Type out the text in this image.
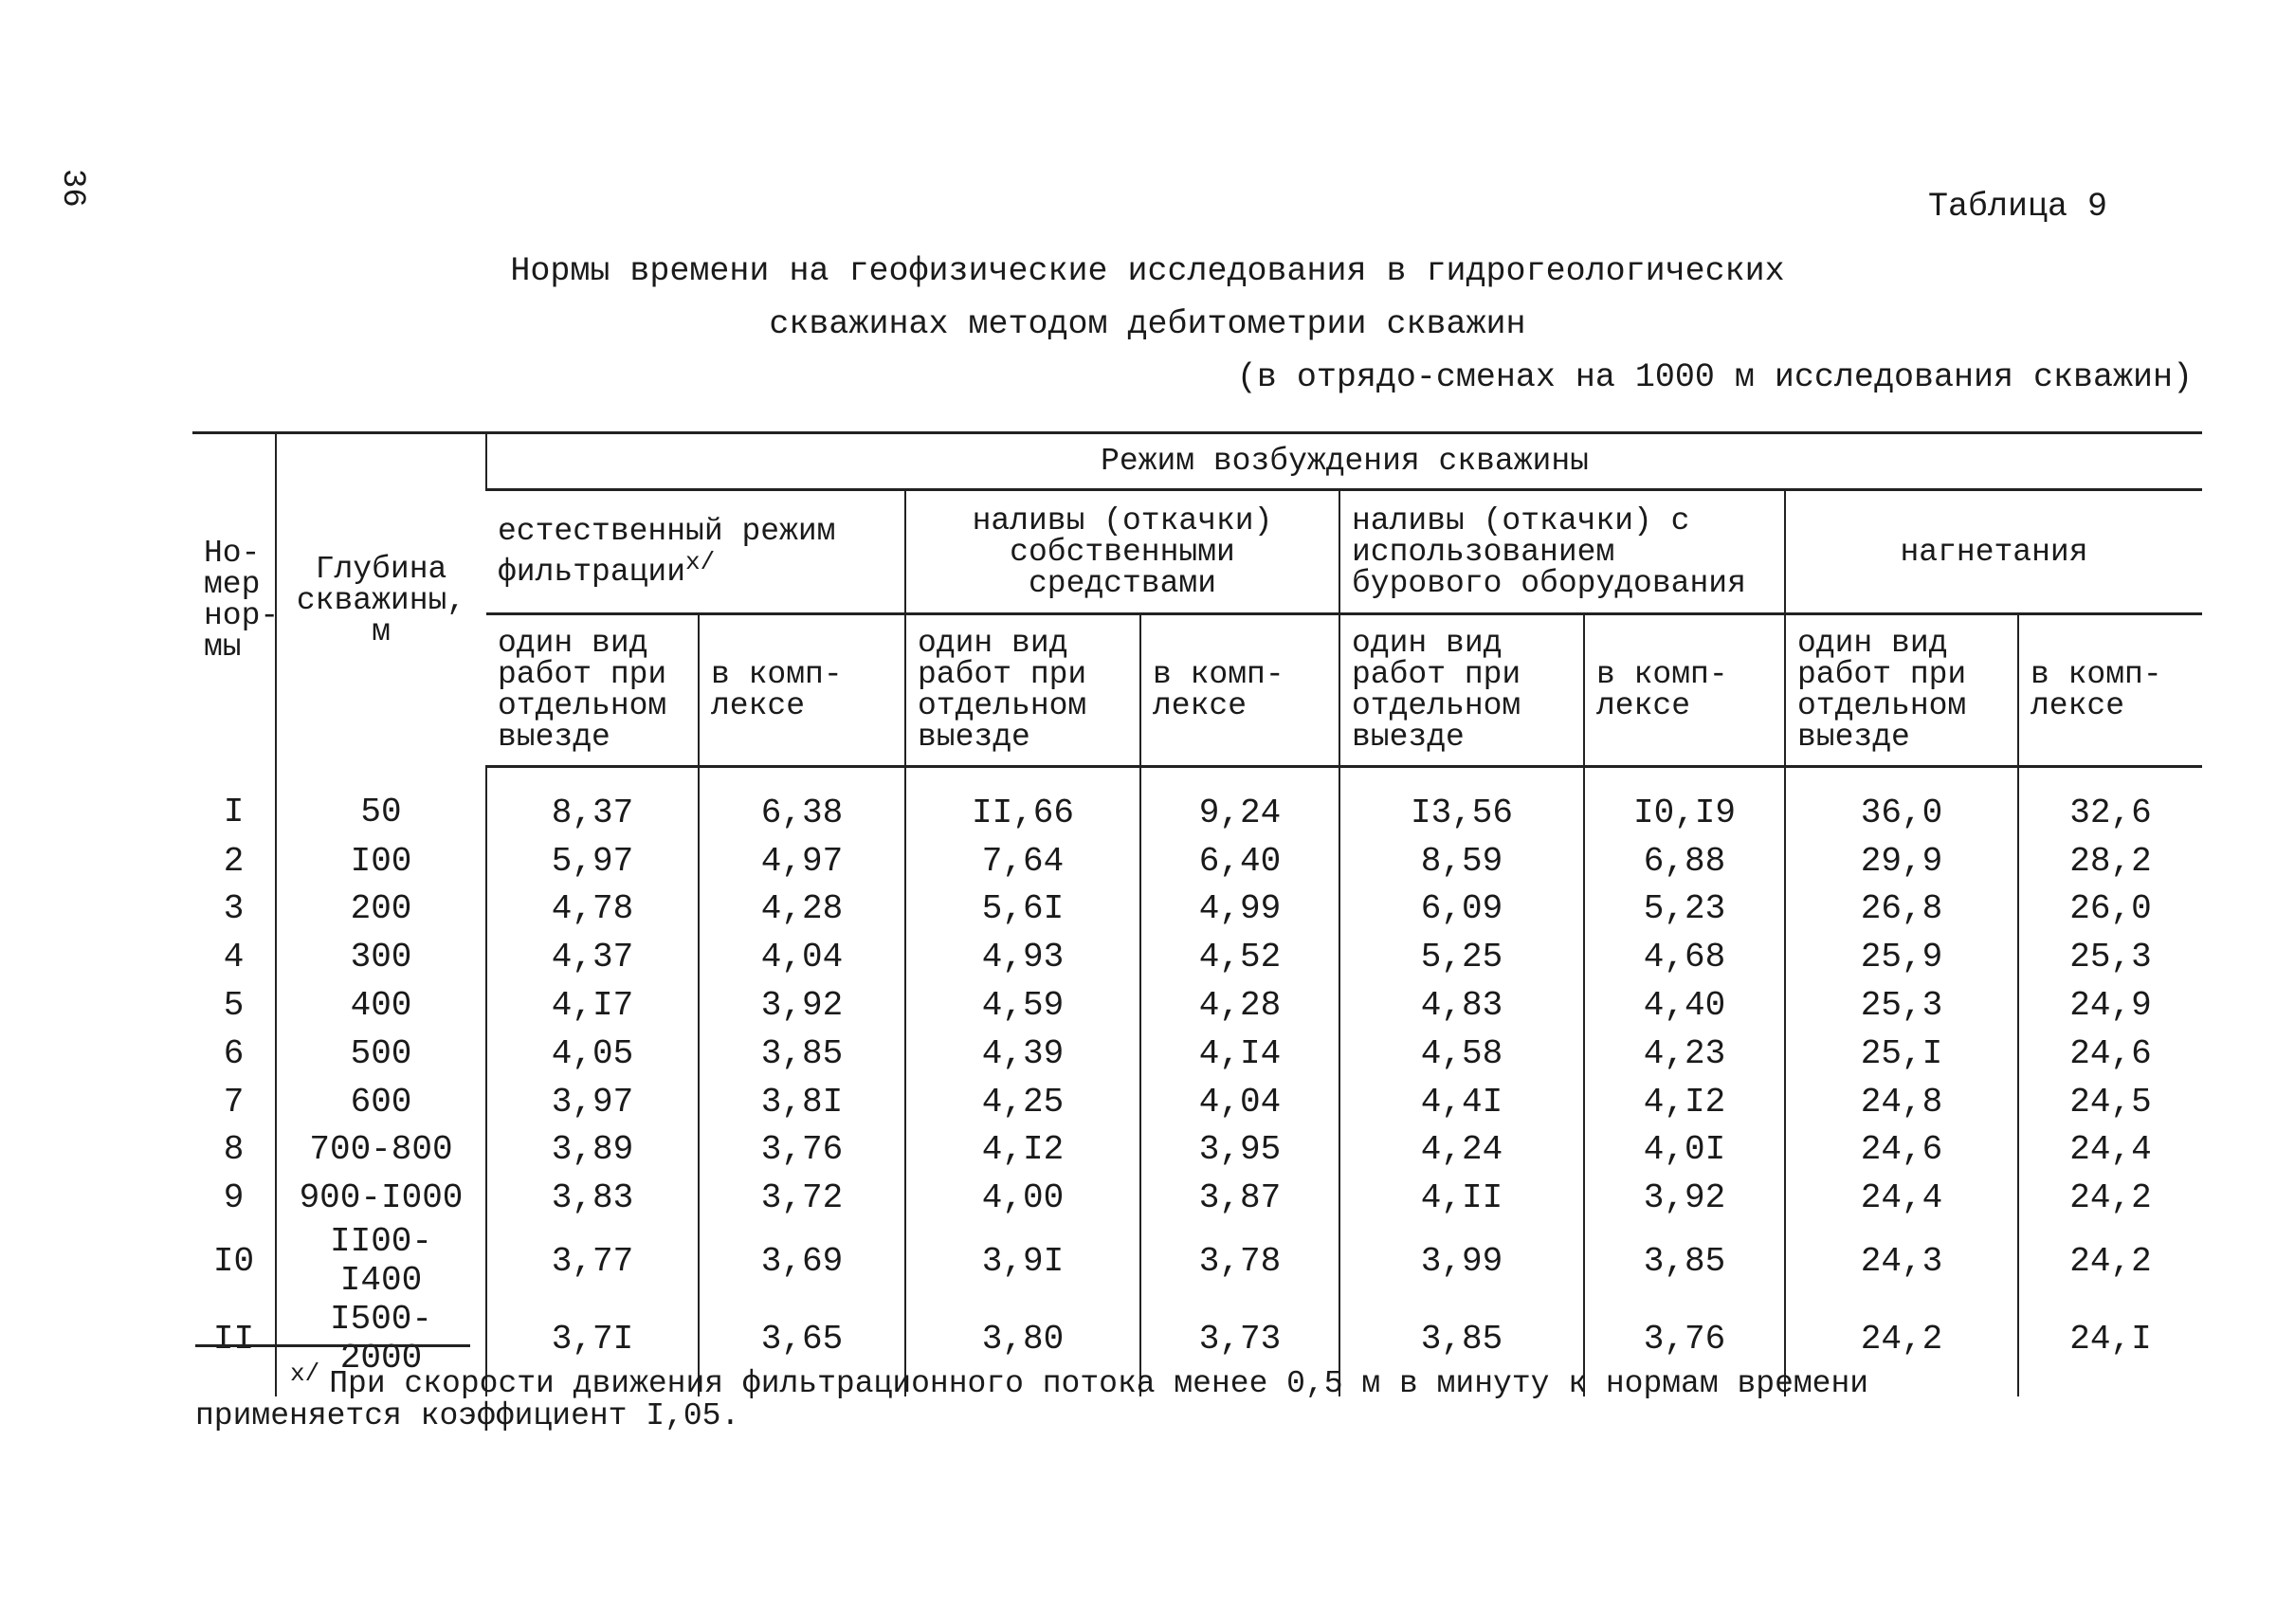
36	Таблица 9
Нормы времени на геофизические исследования в гидрогеологических
скважинах методом дебитометрии скважин
(в отрядо-сменах на 1000 м исследования скважин)
Но-мер нор-мы	Глубина скважины, м	Режим возбуждения скважины							
		естественный режим фильтрации$^{x/}$		наливы (откачки) собственными средствами		наливы (откачки) с использованием бурового оборудования		нагнетания	
		один вид работ при отдельном выезде	в комп-лексе	один вид работ при отдельном выезде	в комп-лексе	один вид работ при отдельном выезде	в комп-лексе	один вид работ при отдельном выезде	в комп-лексе
I	50	8,37	6,38	II,66	9,24	I3,56	I0,I9	36,0	32,6
2	I00	5,97	4,97	7,64	6,40	8,59	6,88	29,9	28,2
3	200	4,78	4,28	5,6I	4,99	6,09	5,23	26,8	26,0
4	300	4,37	4,04	4,93	4,52	5,25	4,68	25,9	25,3
5	400	4,I7	3,92	4,59	4,28	4,83	4,40	25,3	24,9
6	500	4,05	3,85	4,39	4,I4	4,58	4,23	25,I	24,6
7	600	3,97	3,8I	4,25	4,04	4,4I	4,I2	24,8	24,5
8	700-800	3,89	3,76	4,I2	3,95	4,24	4,0I	24,6	24,4
9	900-I000	3,83	3,72	4,00	3,87	4,II	3,92	24,4	24,2
I0	II00-I400	3,77	3,69	3,9I	3,78	3,99	3,85	24,3	24,2
II	I500-2000	3,7I	3,65	3,80	3,73	3,85	3,76	24,2	24,I
$^{x/}$ При скорости движения фильтрационного потока менее 0,5 м в минуту к нормам времени применяется коэффициент I,05.
